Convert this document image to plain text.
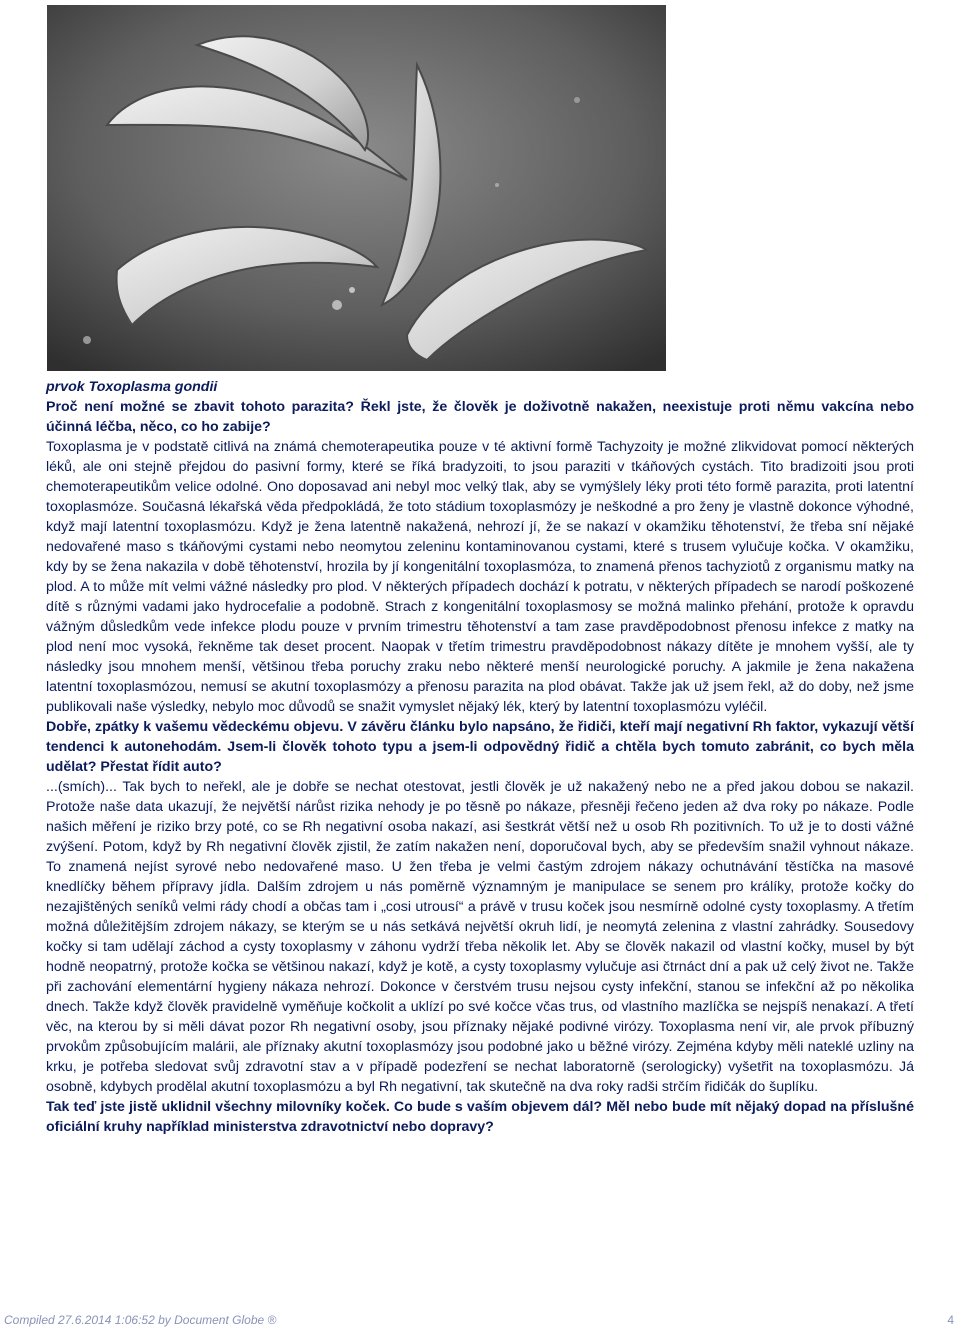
prvok Toxoplasma gondii

Proč není možné se zbavit tohoto parazita? Řekl jste, že člověk je doživotně nakažen, neexistuje proti němu vakcína nebo účinná léčba, něco, co ho zabije?

Toxoplasma je v podstatě citlivá na známá chemoterapeutika pouze v té aktivní formě Tachyzoity je možné zlikvidovat pomocí některých léků, ale oni stejně přejdou do pasivní formy, které se říká bradyzoiti, to jsou paraziti v tkáňových cystách. Tito bradizoiti jsou proti chemoterapeutikům velice odolné. Ono doposavad ani nebyl moc velký tlak, aby se vymýšlely léky proti této formě parazita, proti latentní toxoplasmóze. Současná lékařská věda předpokládá, že toto stádium toxoplasmózy je neškodné a pro ženy je vlastně dokonce výhodné, když mají latentní toxoplasmózu. Když je žena latentně nakažená, nehrozí jí, že se nakazí v okamžiku těhotenství, že třeba sní nějaké nedovařené maso s tkáňovými cystami nebo neomytou zeleninu kontaminovanou cystami, které s trusem vylučuje kočka. V okamžiku, kdy by se žena nakazila v době těhotenství, hrozila by jí kongenitální toxoplasmóza, to znamená přenos tachyziotů z organismu matky na plod. A to může mít velmi vážné následky pro plod. V některých případech dochází k potratu, v některých případech se narodí poškozené dítě s různými vadami jako hydrocefalie a podobně. Strach z kongenitální toxoplasmosy se možná malinko přehání, protože k opravdu vážným důsledkům vede infekce plodu pouze v prvním trimestru těhotenství a tam zase pravděpodobnost přenosu infekce z matky na plod není moc vysoká, řekněme tak deset procent. Naopak v třetím trimestru pravděpodobnost nákazy dítěte je mnohem vyšší, ale ty následky jsou mnohem menší, většinou třeba poruchy zraku nebo některé menší neurologické poruchy. A jakmile je žena nakažena latentní toxoplasmózou, nemusí se akutní toxoplasmózy a přenosu parazita na plod obávat. Takže jak už jsem řekl, až do doby, než jsme publikovali naše výsledky, nebylo moc důvodů se snažit vymyslet nějaký lék, který by latentní toxoplasmózu vyléčil.

Dobře, zpátky k vašemu vědeckému objevu. V závěru článku bylo napsáno, že řidiči, kteří mají negativní Rh faktor, vykazují větší tendenci k autonehodám. Jsem-li člověk tohoto typu a jsem-li odpovědný řidič a chtěla bych tomuto zabránit, co bych měla udělat? Přestat řídit auto?

...(smích)... Tak bych to neřekl, ale je dobře se nechat otestovat, jestli člověk je už nakažený nebo ne a před jakou dobou se nakazil. Protože naše data ukazují, že největší nárůst rizika nehody je po těsně po nákaze, přesněji řečeno jeden až dva roky po nákaze. Podle našich měření je riziko brzy poté, co se Rh negativní osoba nakazí, asi šestkrát větší než u osob Rh pozitivních. To už je to dosti vážné zvýšení. Potom, když by Rh negativní člověk zjistil, že zatím nakažen není, doporučoval bych, aby se především snažil vyhnout nákaze. To znamená nejíst syrové nebo nedovařené maso. U žen třeba je velmi častým zdrojem nákazy ochutnávání těstíčka na masové knedlíčky během přípravy jídla. Dalším zdrojem u nás poměrně významným je manipulace se senem pro králíky, protože kočky do nezajištěných seníků velmi rády chodí a občas tam i „cosi utrousí“ a právě v trusu koček jsou nesmírně odolné cysty toxoplasmy. A třetím možná důležitějším zdrojem nákazy, se kterým se u nás setkává největší okruh lidí, je neomytá zelenina z vlastní zahrádky. Sousedovy kočky si tam udělají záchod a cysty toxoplasmy v záhonu vydrží třeba několik let. Aby se člověk nakazil od vlastní kočky, musel by být hodně neopatrný, protože kočka se většinou nakazí, když je kotě, a cysty toxoplasmy vylučuje asi čtrnáct dní a pak už celý život ne. Takže při zachování elementární hygieny nákaza nehrozí. Dokonce v čerstvém trusu nejsou cysty infekční, stanou se infekční až po několika dnech. Takže když člověk pravidelně vyměňuje kočkolit a uklízí po své kočce včas trus, od vlastního mazlíčka se nejspíš nenakazí. A třetí věc, na kterou by si měli dávat pozor Rh negativní osoby, jsou příznaky nějaké podivné virózy. Toxoplasma není vir, ale prvok příbuzný prvokům způsobujícím malárii, ale příznaky akutní toxoplasmózy jsou podobné jako u běžné virózy. Zejména kdyby měli nateklé uzliny na krku, je potřeba sledovat svůj zdravotní stav a v případě podezření se nechat laboratorně (serologicky) vyšetřit na toxoplasmózu. Já osobně, kdybych prodělal akutní toxoplasmózu a byl Rh negativní, tak skutečně na dva roky radši strčím řidičák do šuplíku.

Tak teď jste jistě uklidnil všechny milovníky koček. Co bude s vaším objevem dál? Měl nebo bude mít nějaký dopad na příslušné oficiální kruhy například ministerstva zdravotnictví nebo dopravy?

Compiled 27.6.2014 1:06:52 by Document Globe ®	4
